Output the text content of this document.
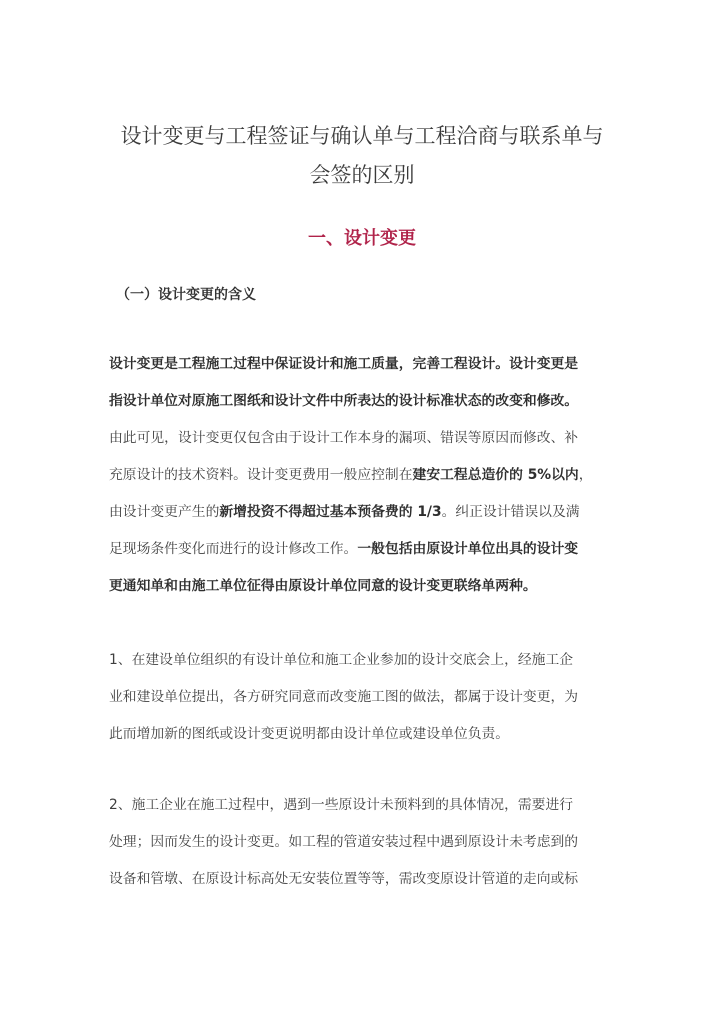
设计变更与工程签证与确认单与工程洽商与联系单与
会签的区别
一、设计变更
（一）设计变更的含义
设计变更是工程施工过程中保证设计和施工质量，完善工程设计。设计变更是
指设计单位对原施工图纸和设计文件中所表达的设计标准状态的改变和修改。
由此可见，设计变更仅包含由于设计工作本身的漏项、错误等原因而修改、补
充原设计的技术资料。设计变更费用一般应控制在建安工程总造价的 5%以内，
由设计变更产生的新增投资不得超过基本预备费的 1/3。纠正设计错误以及满
足现场条件变化而进行的设计修改工作。一般包括由原设计单位出具的设计变
更通知单和由施工单位征得由原设计单位同意的设计变更联络单两种。
1、在建设单位组织的有设计单位和施工企业参加的设计交底会上，经施工企
业和建设单位提出，各方研究同意而改变施工图的做法，都属于设计变更，为
此而增加新的图纸或设计变更说明都由设计单位或建设单位负责。
2、施工企业在施工过程中，遇到一些原设计未预料到的具体情况，需要进行
处理；因而发生的设计变更。如工程的管道安装过程中遇到原设计未考虑到的
设备和管墩、在原设计标高处无安装位置等等，需改变原设计管道的走向或标
